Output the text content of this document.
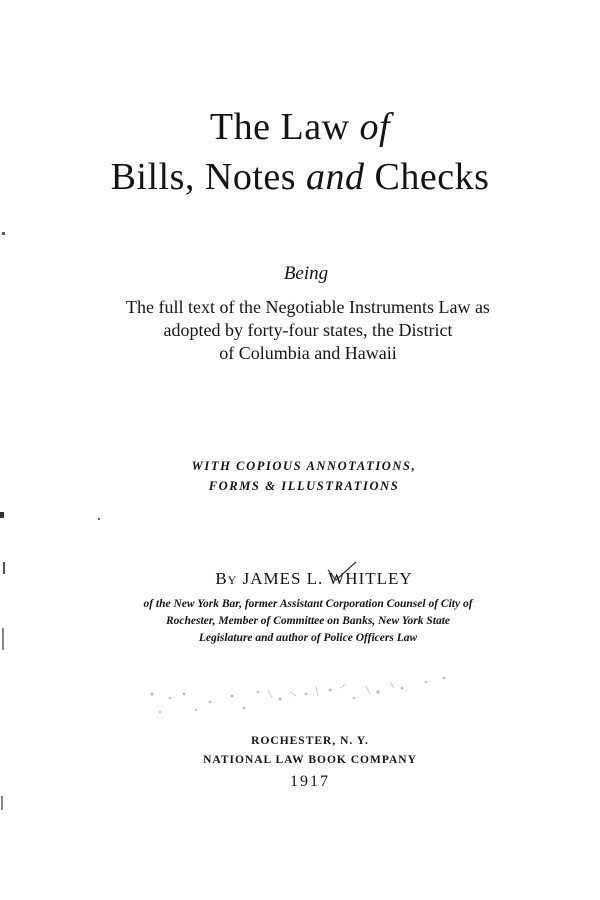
The Law of
Bills, Notes and Checks
Being
The full text of the Negotiable Instruments Law as
adopted by forty-four states, the District
of Columbia and Hawaii
WITH COPIOUS ANNOTATIONS,
FORMS & ILLUSTRATIONS
By JAMES L. WHITLEY
of the New York Bar, former Assistant Corporation Counsel of City of
Rochester, Member of Committee on Banks, New York State
Legislature and author of Police Officers Law
ROCHESTER, N. Y.
NATIONAL LAW BOOK COMPANY
1917
